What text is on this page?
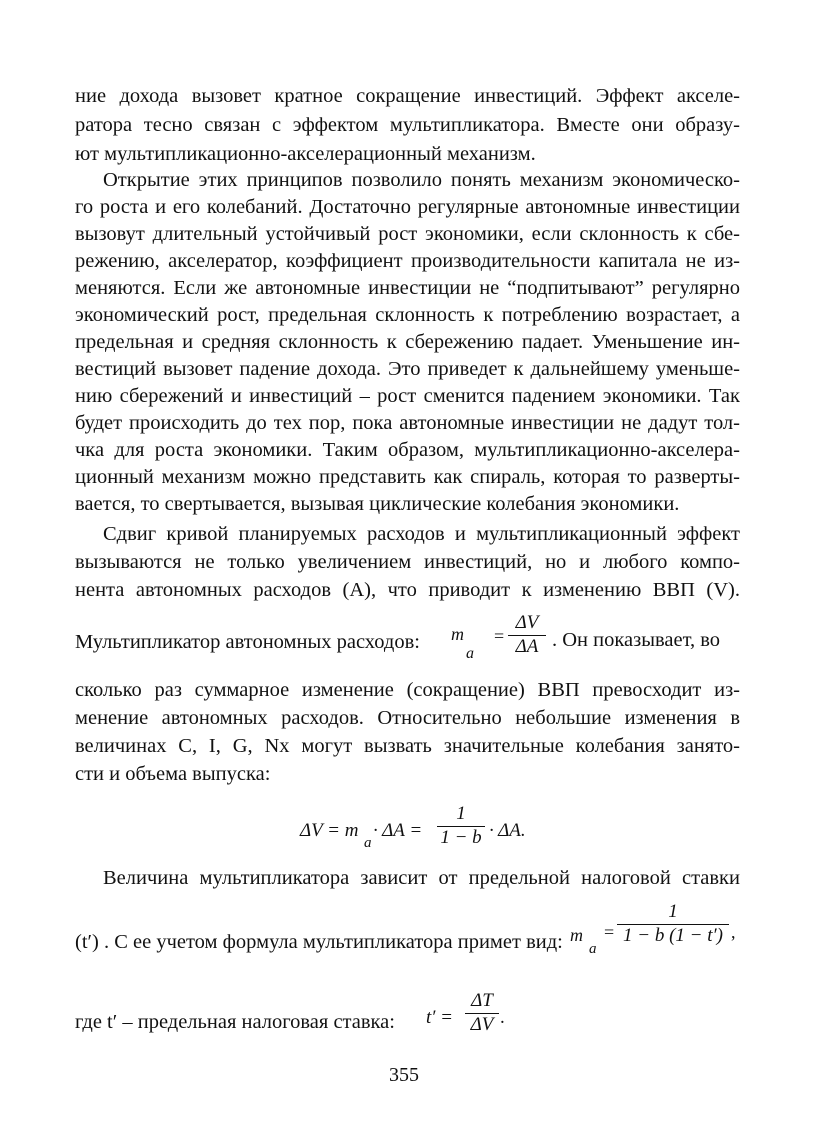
ние дохода вызовет кратное сокращение инвестиций. Эффект акселе-
ратора тесно связан с эффектом мультипликатора. Вместе они образу-
ют мультипликационно-акселерационный механизм.
Открытие этих принципов позволило понять механизм экономическо-
го роста и его колебаний. Достаточно регулярные автономные инвестиции
вызовут длительный устойчивый рост экономики, если склонность к сбе-
режению, акселератор, коэффициент производительности капитала не из-
меняются. Если же автономные инвестиции не “подпитывают” регулярно
экономический рост, предельная склонность к потреблению возрастает, а
предельная и средняя склонность к сбережению падает. Уменьшение ин-
вестиций вызовет падение дохода. Это приведет к дальнейшему уменьше-
нию сбережений и инвестиций – рост сменится падением экономики. Так
будет происходить до тех пор, пока автономные инвестиции не дадут тол-
чка для роста экономики. Таким образом, мультипликационно-акселера-
ционный механизм можно представить как спираль, которая то разверты-
вается, то свертывается, вызывая циклические колебания экономики.
Сдвиг кривой планируемых расходов и мультипликационный эффект
вызываются не только увеличением инвестиций, но и любого компо-
нента автономных расходов (А), что приводит к изменению ВВП (V).
Мультипликатор автономных расходов: m
a
=
ΔV
ΔA . Он показывает, во
сколько раз суммарное изменение (сокращение) ВВП превосходит из-
менение автономных расходов. Относительно небольшие изменения в
величинах С, I, G, Nx могут вызвать значительные колебания занято-
сти и объема выпуска:
ΔV = m
a
· ΔA =
1
1 − b · ΔA.
Величина мультипликатора зависит от предельной налоговой ставки
(t′) . С ее учетом формула мультипликатора примет вид: m
a
=
1
1 − b (1 − t′) ,
где t′ – предельная налоговая ставка: t′ =
ΔT
ΔV .
355
